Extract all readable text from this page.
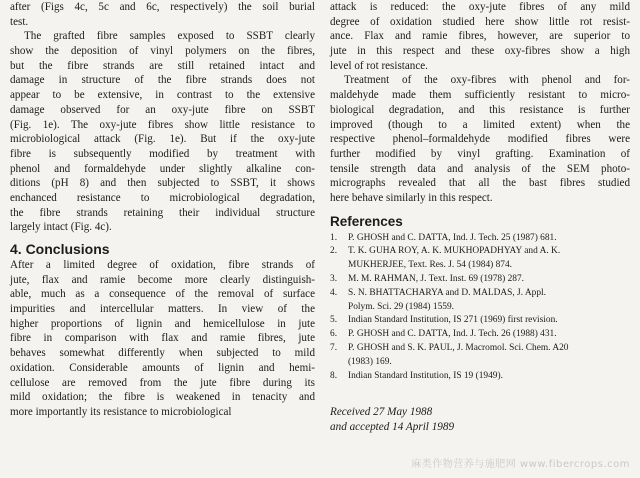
after (Figs 4c, 5c and 6c, respectively) the soil burial
test.

The grafted fibre samples exposed to SSBT clearly
show the deposition of vinyl polymers on the fibres,
but the fibre strands are still retained intact and
damage in structure of the fibre strands does not
appear to be extensive, in contrast to the extensive
damage observed for an oxy-jute fibre on SSBT
(Fig. 1e). The oxy-jute fibres show little resistance to
microbiological attack (Fig. 1e). But if the oxy-jute
fibre is subsequently modified by treatment with
phenol and formaldehyde under slightly alkaline con-
ditions (pH 8) and then subjected to SSBT, it shows
enchanced resistance to microbiological degradation,
the fibre strands retaining their individual structure
largely intact (Fig. 4c).

4. Conclusions

After a limited degree of oxidation, fibre strands of
jute, flax and ramie become more clearly distinguish-
able, much as a consequence of the removal of surface
impurities and intercellular matters. In view of the
higher proportions of lignin and hemicellulose in jute
fibre in comparison with flax and ramie fibres, jute
behaves somewhat differently when subjected to mild
oxidation. Considerable amounts of lignin and hemi-
cellulose are removed from the jute fibre during its
mild oxidation; the fibre is weakened in tenacity and
more importantly its resistance to microbiological

attack is reduced: the oxy-jute fibres of any mild
degree of oxidation studied here show little rot resist-
ance. Flax and ramie fibres, however, are superior to
jute in this respect and these oxy-fibres show a high
level of rot resistance.

Treatment of the oxy-fibres with phenol and for-
maldehyde made them sufficiently resistant to micro-
biological degradation, and this resistance is further
improved (though to a limited extent) when the
respective phenol–formaldehyde modified fibres were
further modified by vinyl grafting. Examination of
tensile strength data and analysis of the SEM photo-
micrographs revealed that all the bast fibres studied
here behave similarly in this respect.

References
1. P. GHOSH and C. DATTA, Ind. J. Tech. 25 (1987) 681.
2. T. K. GUHA ROY, A. K. MUKHOPADHYAY and A. K.
MUKHERJEE, Text. Res. J. 54 (1984) 874.
3. M. M. RAHMAN, J. Text. Inst. 69 (1978) 287.
4. S. N. BHATTACHARYA and D. MALDAS, J. Appl.
Polym. Sci. 29 (1984) 1559.
5. Indian Standard Institution, IS 271 (1969) first revision.
6. P. GHOSH and C. DATTA, Ind. J. Tech. 26 (1988) 431.
7. P. GHOSH and S. K. PAUL, J. Macromol. Sci. Chem. A20
(1983) 169.
8. Indian Standard Institution, IS 19 (1949).
Received 27 May 1988
and accepted 14 April 1989
麻类作物营养与施肥网 www.fibercrops.com
